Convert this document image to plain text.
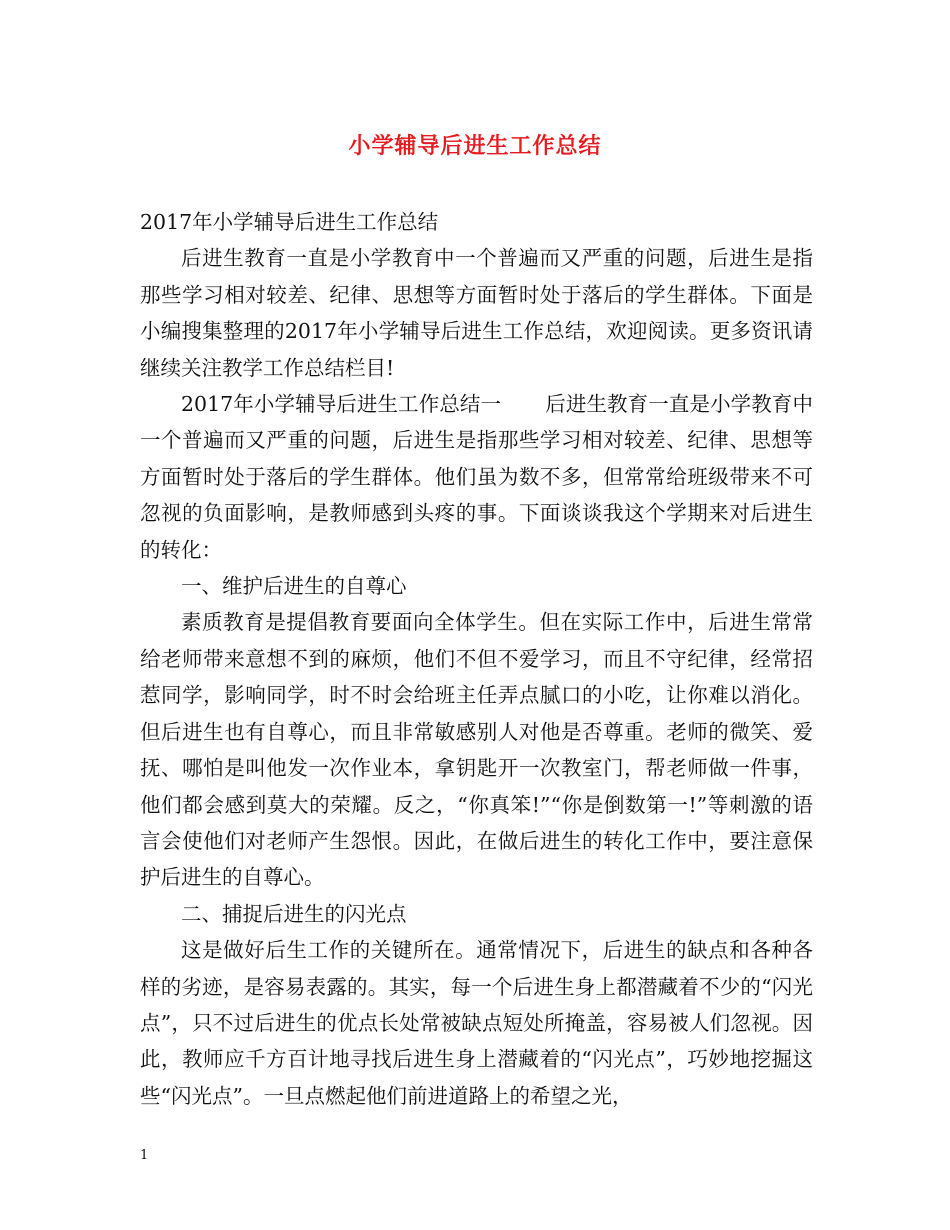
小学辅导后进生工作总结

2017年小学辅导后进生工作总结

后进生教育一直是小学教育中一个普遍而又严重的问题，后进生是指那些学习相对较差、纪律、思想等方面暂时处于落后的学生群体。下面是小编搜集整理的2017年小学辅导后进生工作总结，欢迎阅读。更多资讯请继续关注教学工作总结栏目!

2017年小学辅导后进生工作总结一 后进生教育一直是小学教育中一个普遍而又严重的问题，后进生是指那些学习相对较差、纪律、思想等方面暂时处于落后的学生群体。他们虽为数不多，但常常给班级带来不可忽视的负面影响，是教师感到头疼的事。下面谈谈我这个学期来对后进生的转化：

一、维护后进生的自尊心

素质教育是提倡教育要面向全体学生。但在实际工作中，后进生常常给老师带来意想不到的麻烦，他们不但不爱学习，而且不守纪律，经常招惹同学，影响同学，时不时会给班主任弄点腻口的小吃，让你难以消化。但后进生也有自尊心，而且非常敏感别人对他是否尊重。老师的微笑、爱抚、哪怕是叫他发一次作业本，拿钥匙开一次教室门，帮老师做一件事，他们都会感到莫大的荣耀。反之，“你真笨!”“你是倒数第一!”等刺激的语言会使他们对老师产生怨恨。因此，在做后进生的转化工作中，要注意保护后进生的自尊心。

二、捕捉后进生的闪光点

这是做好后生工作的关键所在。通常情况下，后进生的缺点和各种各样的劣迹，是容易表露的。其实，每一个后进生身上都潜藏着不少的“闪光点”，只不过后进生的优点长处常被缺点短处所掩盖，容易被人们忽视。因此，教师应千方百计地寻找后进生身上潜藏着的“闪光点”，巧妙地挖掘这些“闪光点”。一旦点燃起他们前进道路上的希望之光，

1
